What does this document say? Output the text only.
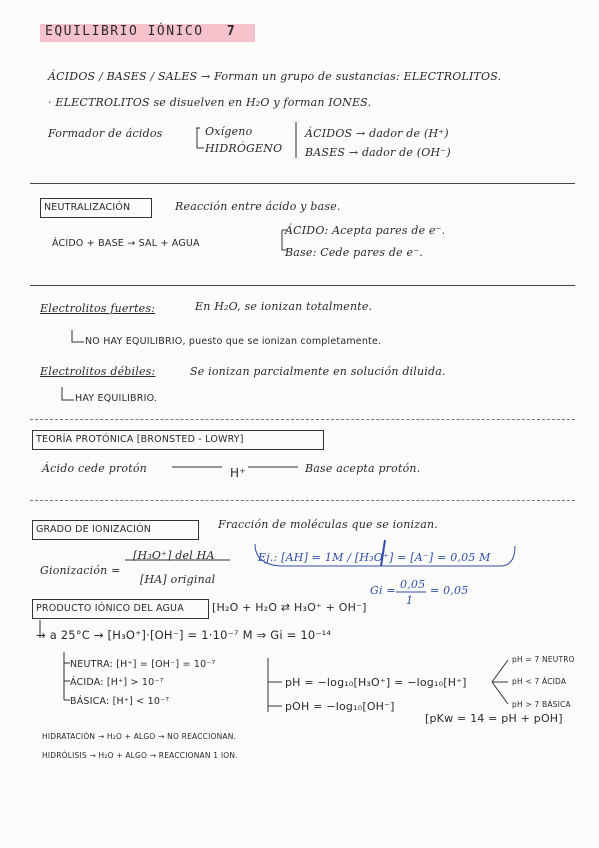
EQUILIBRIO IÓNICO 7
ÁCIDOS / BASES / SALES → Forman un grupo de sustancias: ELECTROLITOS.
· ELECTROLITOS se disuelven en H₂O y forman IONES.
Formador de ácidos	Oxígeno
HIDRÓGENO
ÁCIDOS → dador de (H⁺)
BASES → dador de (OH⁻)
NEUTRALIZACIÓN	Reacción entre ácido y base.
ÁCIDO + BASE → SAL + AGUA
ÁCIDO: Acepta pares de e⁻.
Base: Cede pares de e⁻.
Electrolitos fuertes:	En H₂O, se ionizan totalmente.
NO HAY EQUILIBRIO, puesto que se ionizan completamente.
Electrolitos débiles:	Se ionizan parcialmente en solución diluida.
HAY EQUILIBRIO.
TEORÍA PROTÓNICA [BRONSTED - LOWRY]
Ácido cede protón	H⁺	Base acepta protón.
GRADO DE IONIZACIÓN	Fracción de moléculas que se ionizan.
Gionización =
[H₃O⁺] del HA
[HA] original
Ej.: [AH] = 1M / [H₃O⁺] = [A⁻] = 0,05 M
Gi = 0,05
1
= 0,05
PRODUCTO IÓNICO DEL AGUA	[H₂O + H₂O ⇄ H₃O⁺ + OH⁻]
→ a 25°C → [H₃O⁺]·[OH⁻] = 1·10⁻⁷ M ⇒ Gi = 10⁻¹⁴
NEUTRA: [H⁺] = [OH⁻] = 10⁻⁷
ÁCIDA: [H⁺] > 10⁻⁷
BÁSICA: [H⁺] < 10⁻⁷
pH = −log₁₀[H₃O⁺] = −log₁₀[H⁺]
pOH = −log₁₀[OH⁻]
pH = 7 NEUTRO
pH < 7 ÁCIDA
pH > 7 BÁSICA
[pKw = 14 = pH + pOH]
HIDRATACIÓN → H₂O + ALGO → NO REACCIONAN.
HIDRÓLISIS → H₂O + ALGO → REACCIONAN 1 ION.
